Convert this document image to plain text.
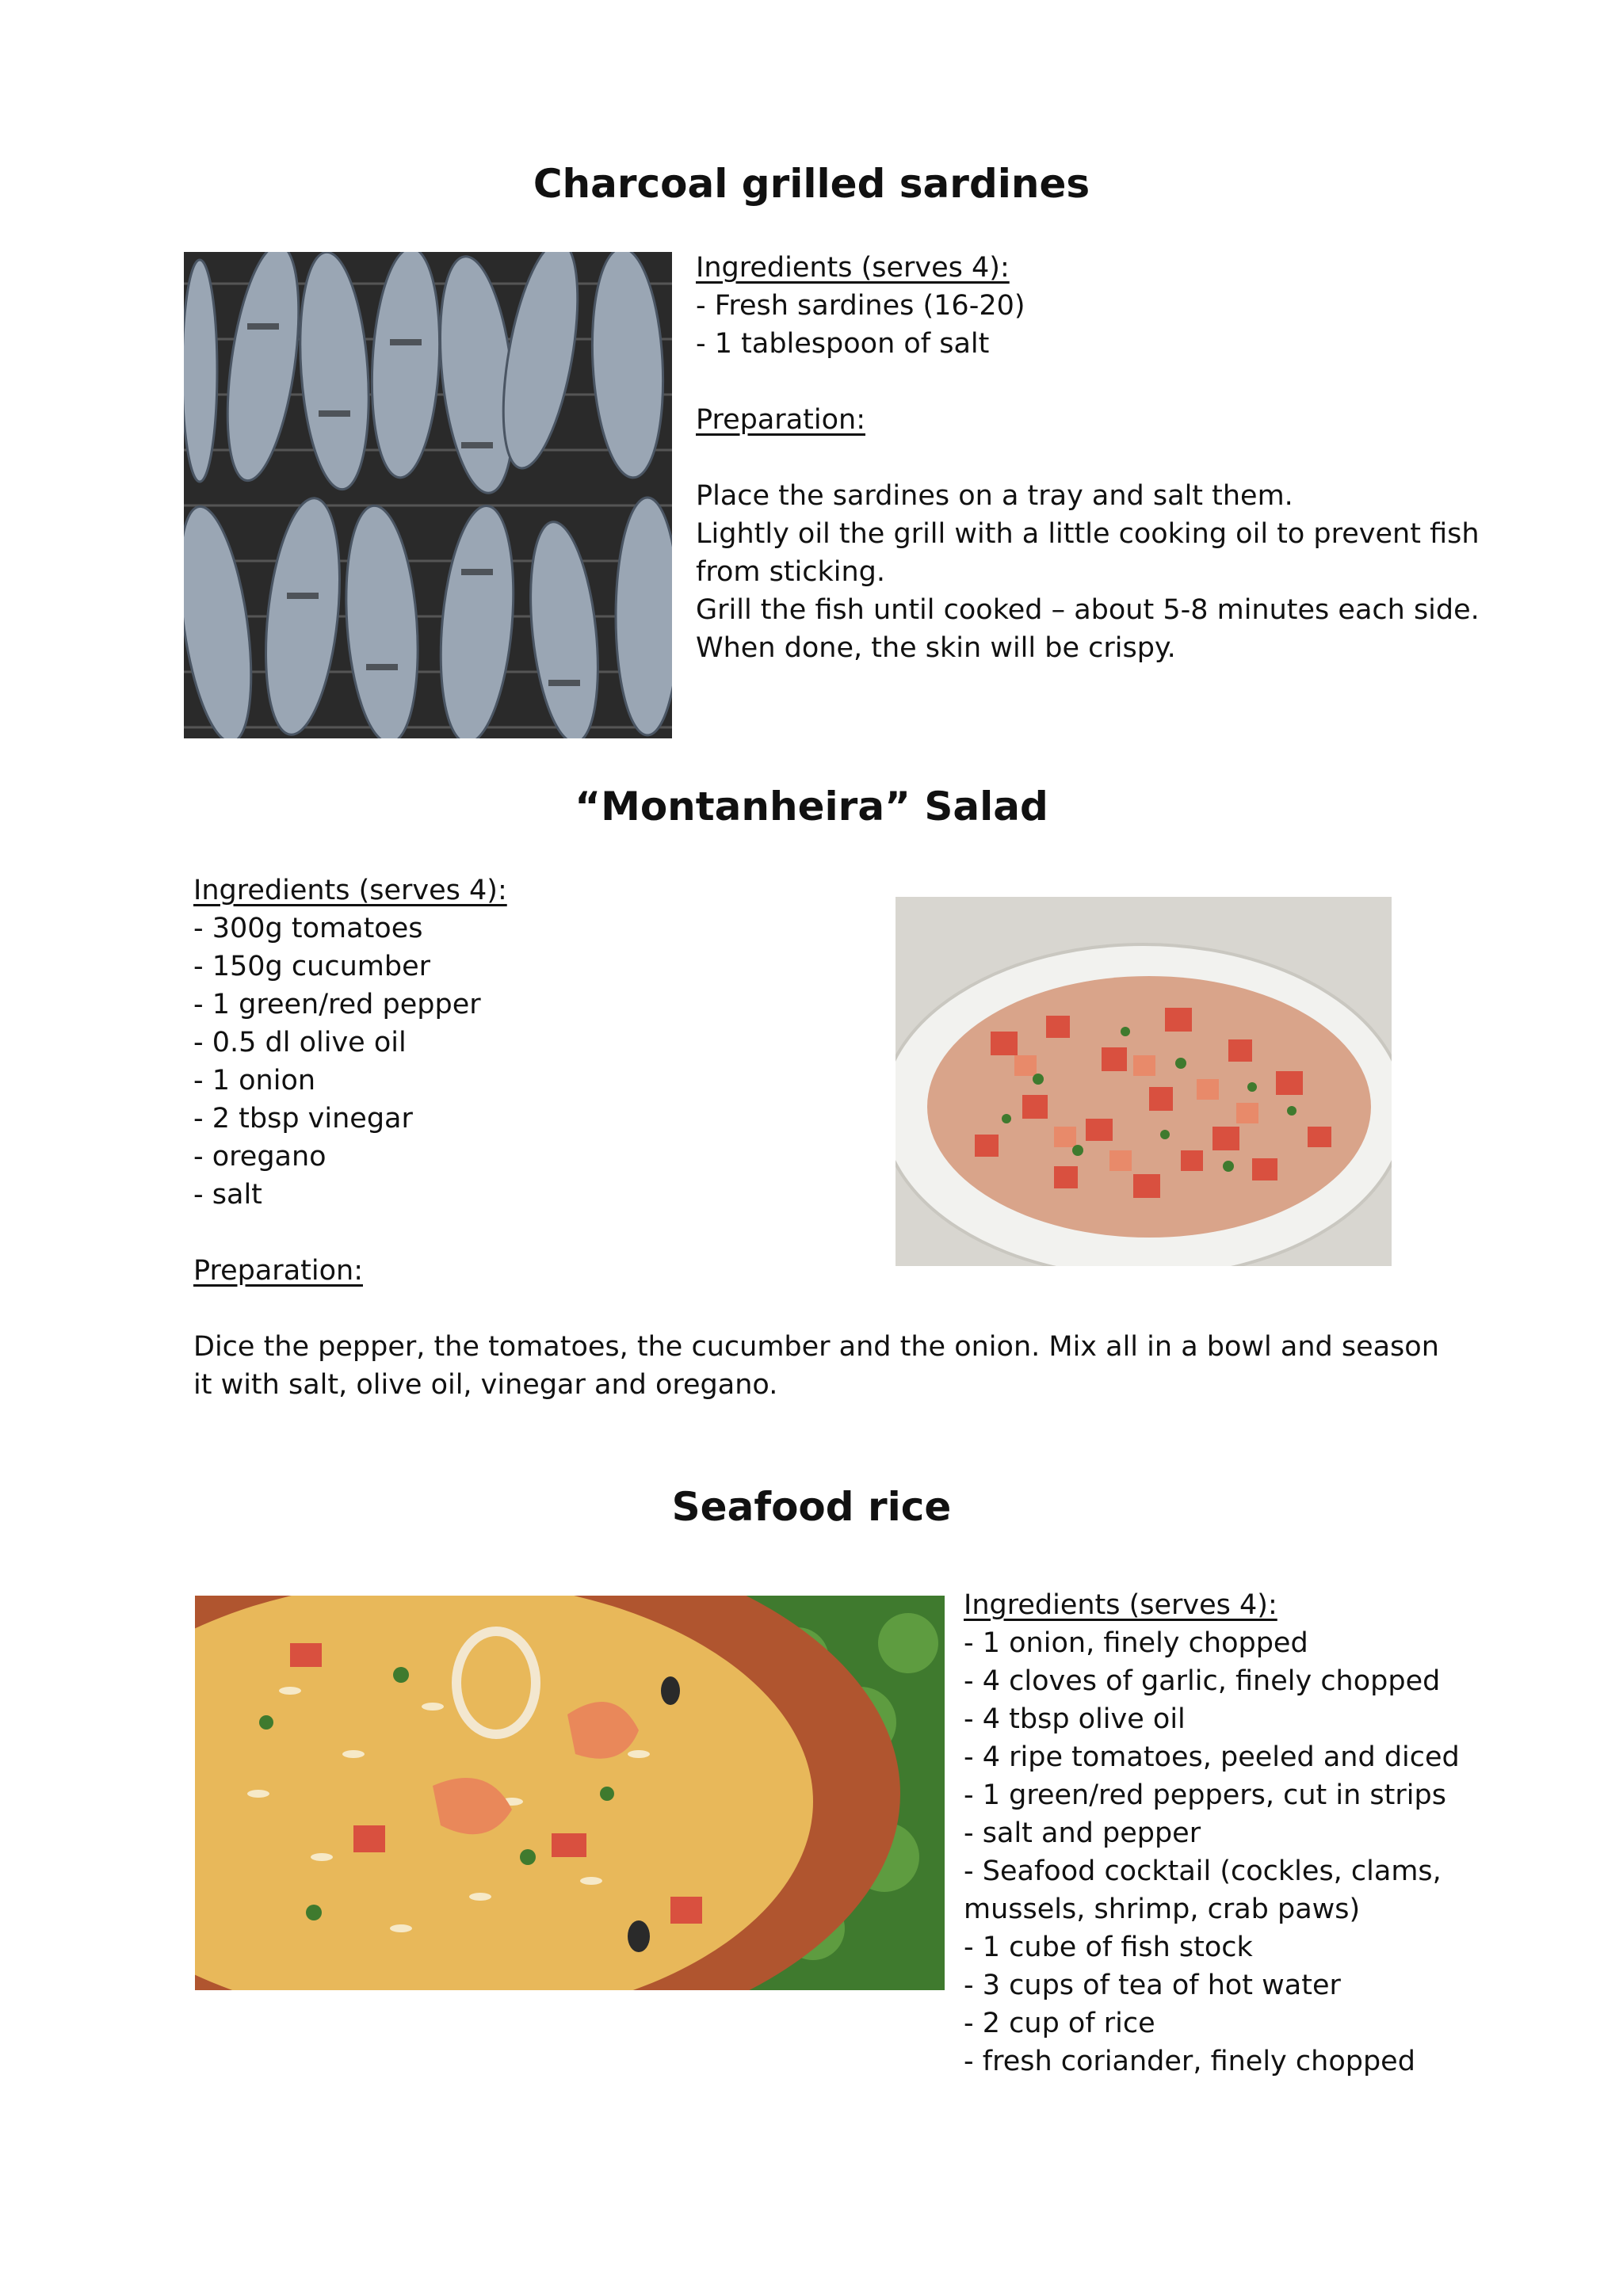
Charcoal grilled sardines
Ingredients (serves 4):
- Fresh sardines (16-20)
- 1 tablespoon of salt
Preparation:
Place the sardines on a tray and salt them.
Lightly oil the grill with a little cooking oil to prevent fish
from sticking.
Grill the fish until cooked – about 5-8 minutes each side.
When done, the skin will be crispy.
“Montanheira” Salad
Ingredients (serves 4):
- 300g tomatoes
- 150g cucumber
- 1 green/red pepper
- 0.5 dl olive oil
- 1 onion
- 2 tbsp vinegar
- oregano
- salt
Preparation:
Dice the pepper, the tomatoes, the cucumber and the onion. Mix all in a bowl and season it with salt, olive oil, vinegar and oregano.
Seafood rice
Ingredients (serves 4):
- 1 onion, finely chopped
- 4 cloves of garlic, finely chopped
- 4 tbsp olive oil
- 4 ripe tomatoes, peeled and diced
- 1 green/red peppers, cut in strips
- salt and pepper
- Seafood cocktail (cockles, clams,
mussels, shrimp, crab paws)
- 1 cube of fish stock
- 3 cups of tea of hot water
- 2 cup of rice
- fresh coriander, finely chopped
